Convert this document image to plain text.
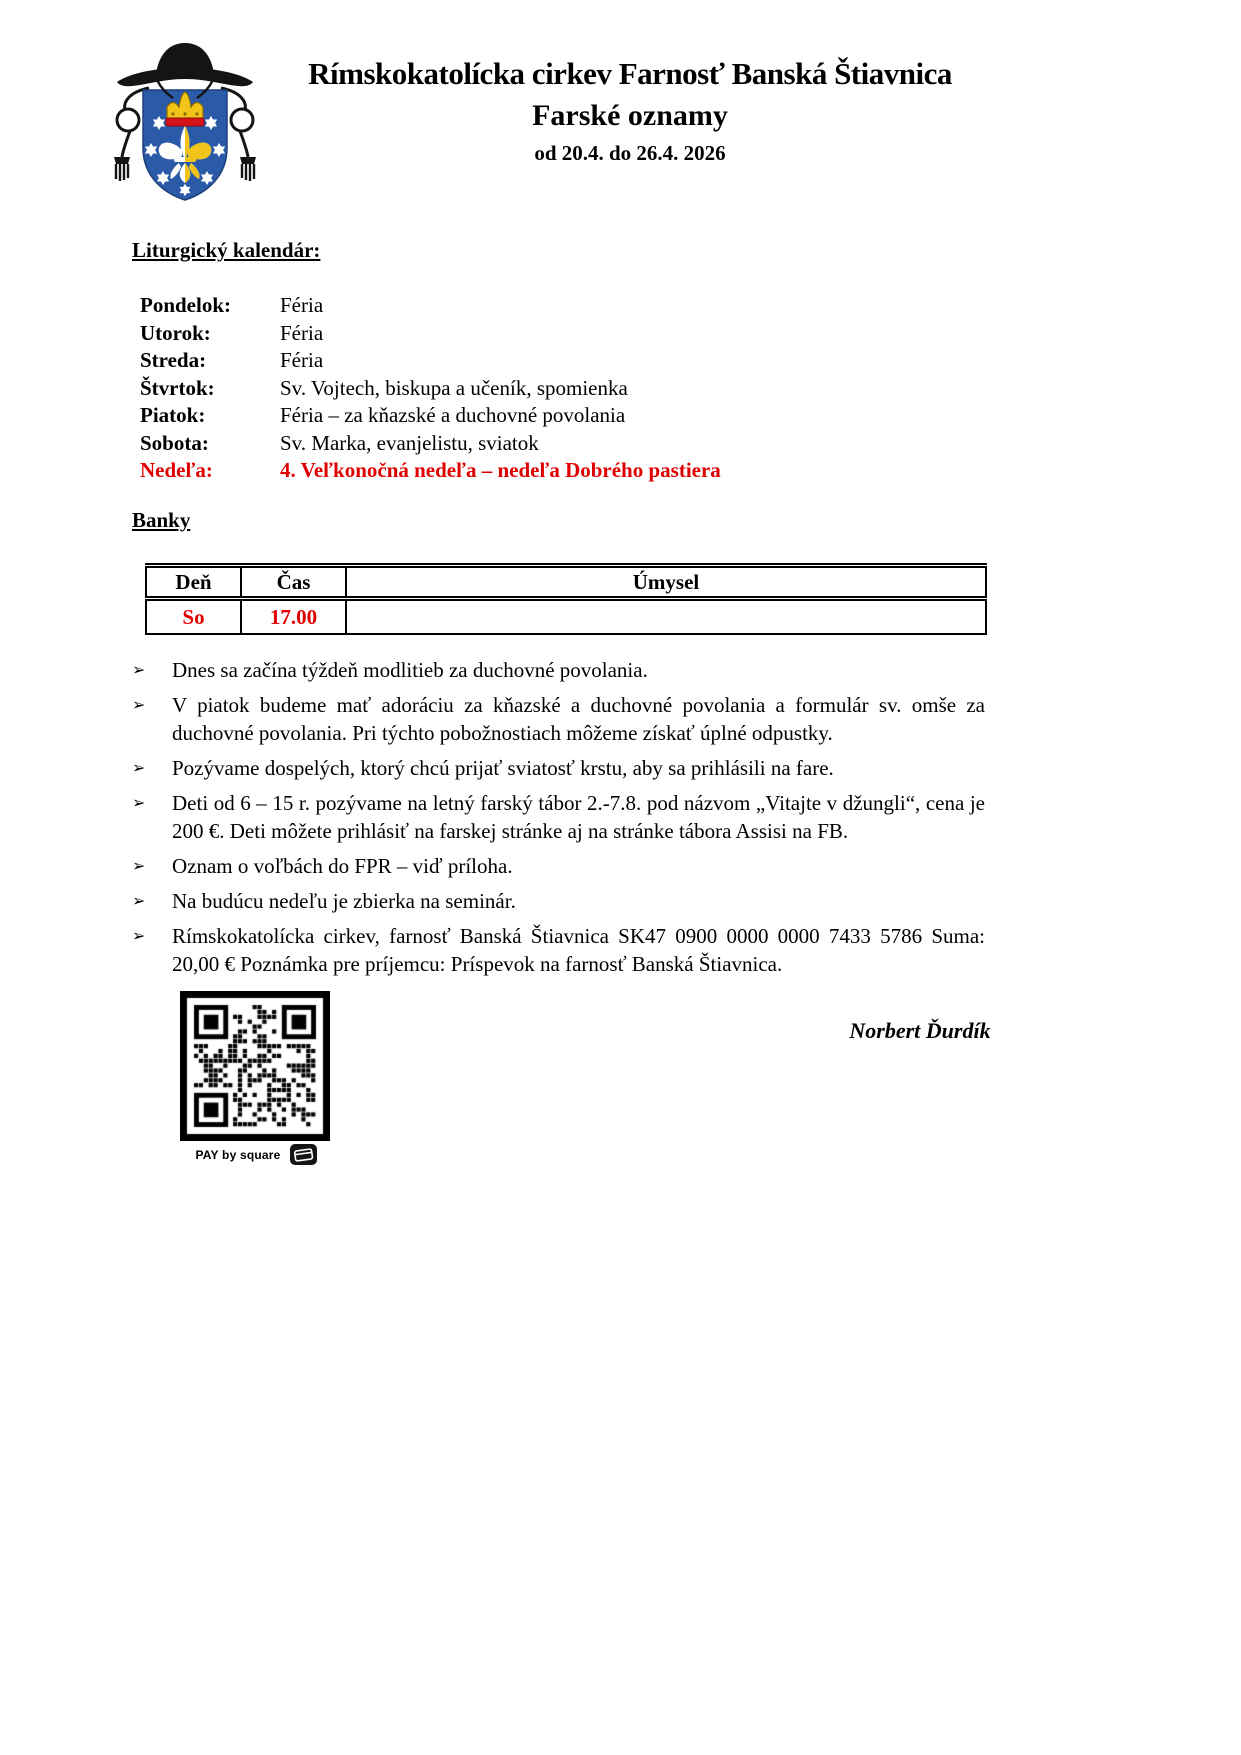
Rímskokatolícka cirkev Farnosť Banská Štiavnica
Farské oznamy
od 20.4. do 26.4. 2026
Liturgický kalendár:
Pondelok:	Féria
Utorok:	Féria
Streda:	Féria
Štvrtok:	Sv. Vojtech, biskupa a učeník, spomienka
Piatok:	Féria – za kňazské a duchovné povolania
Sobota:	Sv. Marka, evanjelistu, sviatok
Nedeľa:	4. Veľkonočná nedeľa – nedeľa Dobrého pastiera
Banky
Deň	Čas	Úmysel
So	17.00	
➢	Dnes sa začína týždeň modlitieb za duchovné povolania.
➢	V piatok budeme mať adoráciu za kňazské a duchovné povolania a formulár sv. omše za duchovné povolania. Pri týchto pobožnostiach môžeme získať úplné odpustky.
➢	Pozývame dospelých, ktorý chcú prijať sviatosť krstu, aby sa prihlásili na fare.
➢	Deti od 6 – 15 r. pozývame na letný farský tábor 2.-7.8. pod názvom „Vitajte v džungli“, cena je 200 €. Deti môžete prihlásiť na farskej stránke aj na stránke tábora Assisi na FB.
➢	Oznam o voľbách do FPR – viď príloha.
➢	Na budúcu nedeľu je zbierka na seminár.
➢	Rímskokatolícka cirkev, farnosť Banská Štiavnica SK47 0900 0000 0000 7433 5786 Suma: 20,00 € Poznámka pre príjemcu: Príspevok na farnosť Banská Štiavnica.
PAY by square
Norbert Ďurdík
